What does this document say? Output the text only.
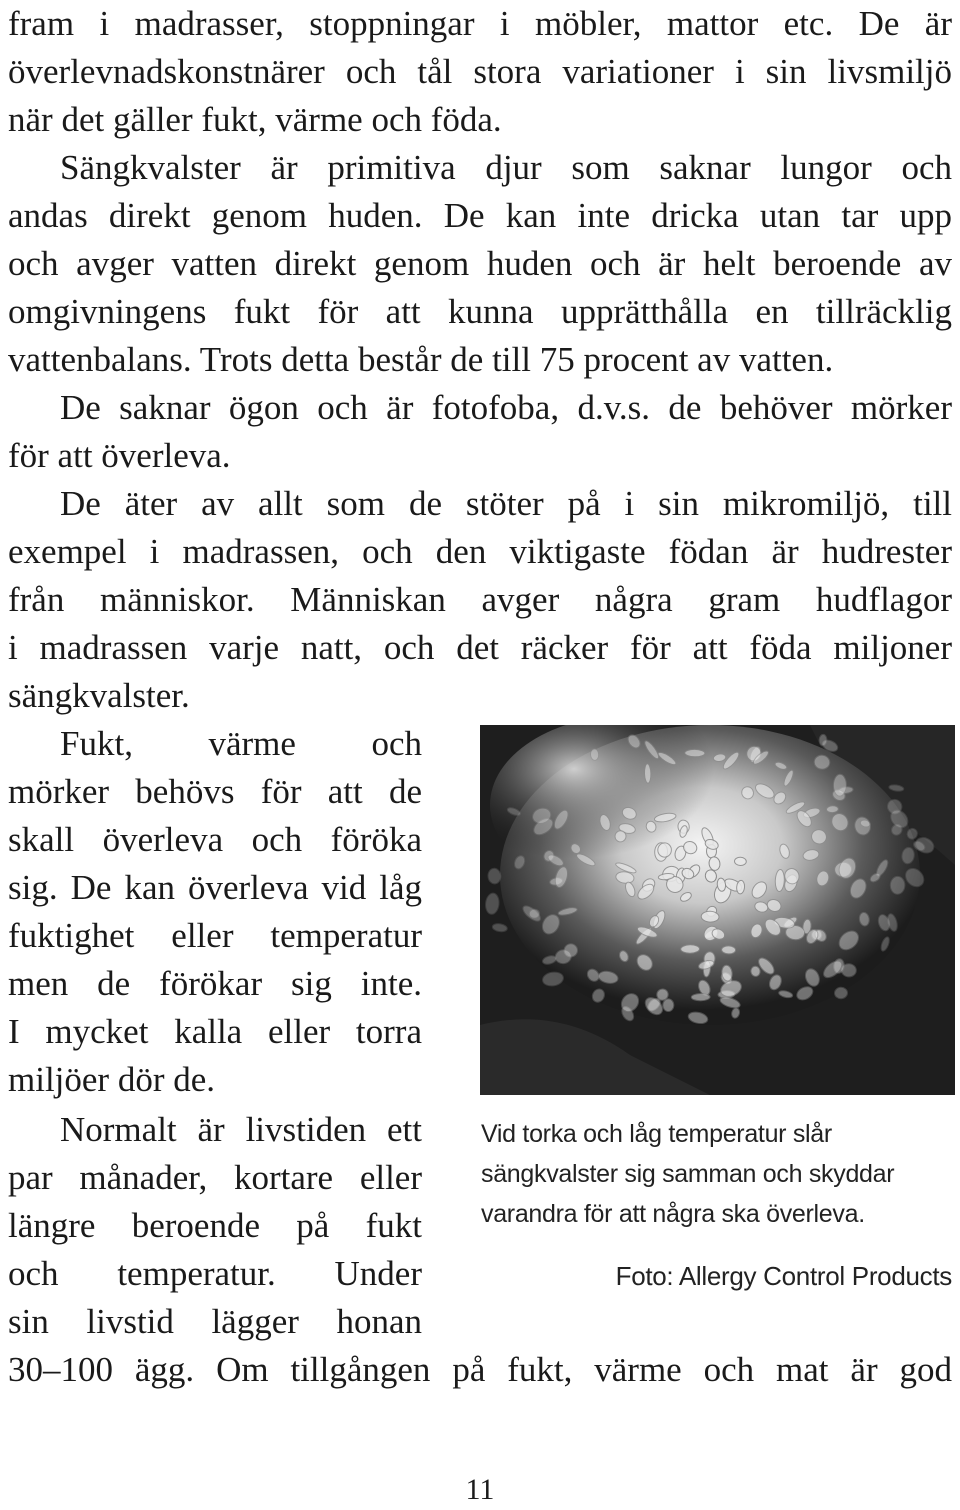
fram i madrasser, stoppningar i möbler, mattor etc. De är
överlevnadskonstnärer och tål stora variationer i sin livsmiljö
när det gäller fukt, värme och föda.
Sängkvalster är primitiva djur som saknar lungor och
andas direkt genom huden. De kan inte dricka utan tar upp
och avger vatten direkt genom huden och är helt beroende av
omgivningens fukt för att kunna upprätthålla en tillräcklig
vattenbalans. Trots detta består de till 75 procent av vatten.
De saknar ögon och är fotofoba, d.v.s. de behöver mörker
för att överleva.
De äter av allt som de stöter på i sin mikromiljö, till
exempel i madrassen, och den viktigaste födan är hudrester
från människor. Människan avger några gram hudflagor
i madrassen varje natt, och det räcker för att föda miljoner
sängkvalster.
Fukt, värme och
mörker behövs för att de
skall överleva och föröka
sig. De kan överleva vid låg
fuktighet eller temperatur
men de förökar sig inte.
I mycket kalla eller torra
miljöer dör de.
Normalt är livstiden ett
par månader, kortare eller
längre beroende på fukt
och temperatur. Under
sin livstid lägger honan
30–100 ägg. Om tillgången på fukt, värme och mat är god
Vid torka och låg temperatur slår
sängkvalster sig samman och skyddar
varandra för att några ska överleva.
Foto: Allergy Control Products
11
